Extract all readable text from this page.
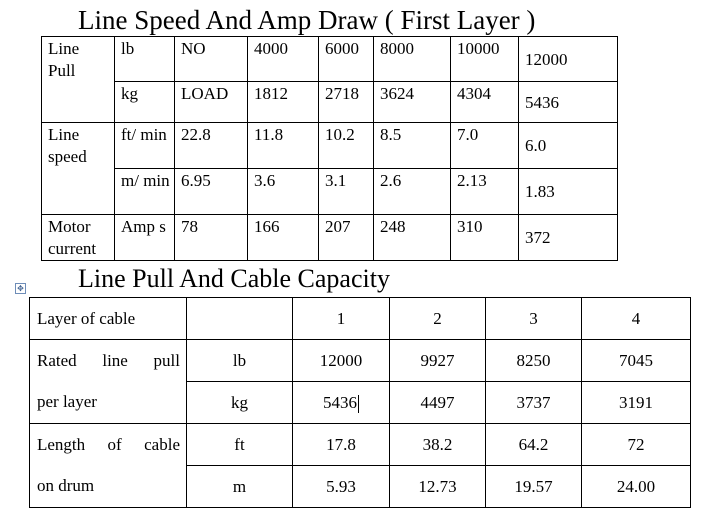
Line Speed And Amp Draw ( First Layer )
Line Pull	lb	NO	4000	6000	8000	10000	12000
	kg	LOAD	1812	2718	3624	4304	5436
Line speed	ft/ min	22.8	11.8	10.2	8.5	7.0	6.0
	m/ min	6.95	3.6	3.1	2.6	2.13	1.83
Motor current	Amp s	78	166	207	248	310	372
✥ Line Pull And Cable Capacity
Layer of cable		1	2	3	4
Rated line pull	lb	12000	9927	8250	7045
per layer	kg	5436	4497	3737	3191
Length of cable	ft	17.8	38.2	64.2	72
on drum	m	5.93	12.73	19.57	24.00
